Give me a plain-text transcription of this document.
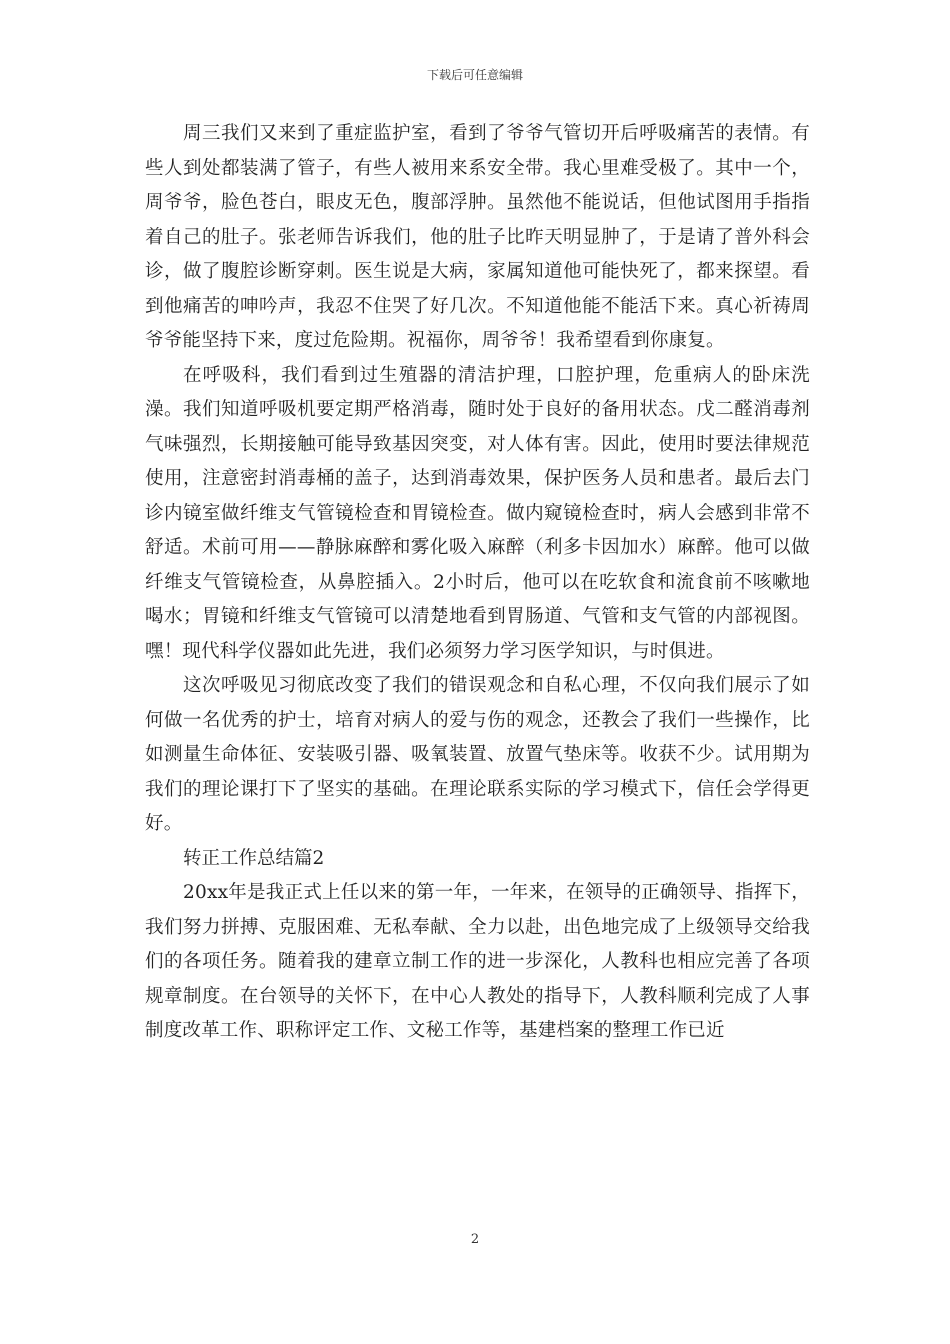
下载后可任意编辑

周三我们又来到了重症监护室，看到了爷爷气管切开后呼吸痛苦的表情。有些人到处都装满了管子，有些人被用来系安全带。我心里难受极了。其中一个，周爷爷，脸色苍白，眼皮无色，腹部浮肿。虽然他不能说话，但他试图用手指指着自己的肚子。张老师告诉我们，他的肚子比昨天明显肿了，于是请了普外科会诊，做了腹腔诊断穿刺。医生说是大病，家属知道他可能快死了，都来探望。看到他痛苦的呻吟声，我忍不住哭了好几次。不知道他能不能活下来。真心祈祷周爷爷能坚持下来，度过危险期。祝福你，周爷爷！我希望看到你康复。

在呼吸科，我们看到过生殖器的清洁护理，口腔护理，危重病人的卧床洗澡。我们知道呼吸机要定期严格消毒，随时处于良好的备用状态。戊二醛消毒剂气味强烈，长期接触可能导致基因突变，对人体有害。因此，使用时要法律规范使用，注意密封消毒桶的盖子，达到消毒效果，保护医务人员和患者。最后去门诊内镜室做纤维支气管镜检查和胃镜检查。做内窥镜检查时，病人会感到非常不舒适。术前可用——静脉麻醉和雾化吸入麻醉（利多卡因加水）麻醉。他可以做纤维支气管镜检查，从鼻腔插入。2小时后，他可以在吃软食和流食前不咳嗽地喝水；胃镜和纤维支气管镜可以清楚地看到胃肠道、气管和支气管的内部视图。嘿！现代科学仪器如此先进，我们必须努力学习医学知识，与时俱进。

这次呼吸见习彻底改变了我们的错误观念和自私心理，不仅向我们展示了如何做一名优秀的护士，培育对病人的爱与伤的观念，还教会了我们一些操作，比如测量生命体征、安装吸引器、吸氧装置、放置气垫床等。收获不少。试用期为我们的理论课打下了坚实的基础。在理论联系实际的学习模式下，信任会学得更好。

转正工作总结篇2

20xx年是我正式上任以来的第一年，一年来，在领导的正确领导、指挥下，我们努力拼搏、克服困难、无私奉献、全力以赴，出色地完成了上级领导交给我们的各项任务。随着我的建章立制工作的进一步深化，人教科也相应完善了各项规章制度。在台领导的关怀下，在中心人教处的指导下，人教科顺利完成了人事制度改革工作、职称评定工作、文秘工作等，基建档案的整理工作已近

2
